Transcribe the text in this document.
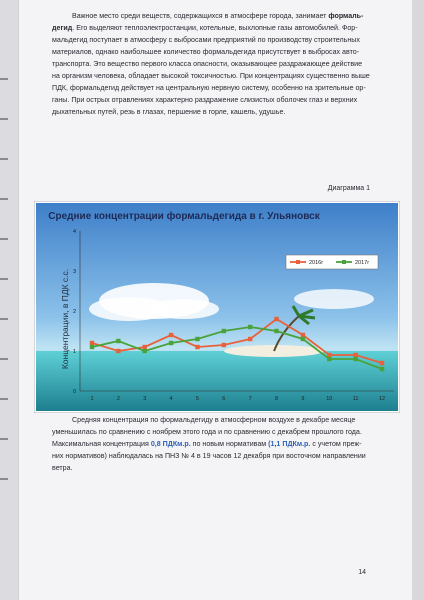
Важное место среди веществ, содержащихся в атмосфере города, занимает формаль-
дегид. Его выделяют теплоэлектростанции, котельные, выхлопные газы автомобилей. Фор-
мальдегид поступает в атмосферу с выбросами предприятий по производству строительных
материалов, однако наибольшее количество формальдегида присутствует в выбросах авто-
транспорта. Это вещество первого класса опасности, оказывающее раздражающее действие
на организм человека, обладает высокой токсичностью. При концентрациях существенно выше
ПДК, формальдегид действует на центральную нервную систему, особенно на зрительные ор-
ганы. При острых отравлениях характерно раздражение слизистых оболочек глаз и верхних
дыхательных путей, резь в глазах, першение в горле, кашель, удушье.
Диаграмма 1
Средние концентрации формальдегида в г. Ульяновск
2016г	2017г
Концентрации, в ПДК с.с.
0
1
2
3
4
1	2	3	4	5	6	7	8	9	10	11	12
Средняя концентрация по формальдегиду в атмосферном воздухе в декабре месяце
уменьшилась по сравнению с ноябрем этого года и по сравнению с декабрем прошлого года.
Максимальная концентрация 0,8 ПДКм.р. по новым нормативам (1,1 ПДКм.р. с учетом преж-
них нормативов) наблюдалась на ПНЗ № 4 в 19 часов 12 декабря при восточном направлении
ветра.
14
